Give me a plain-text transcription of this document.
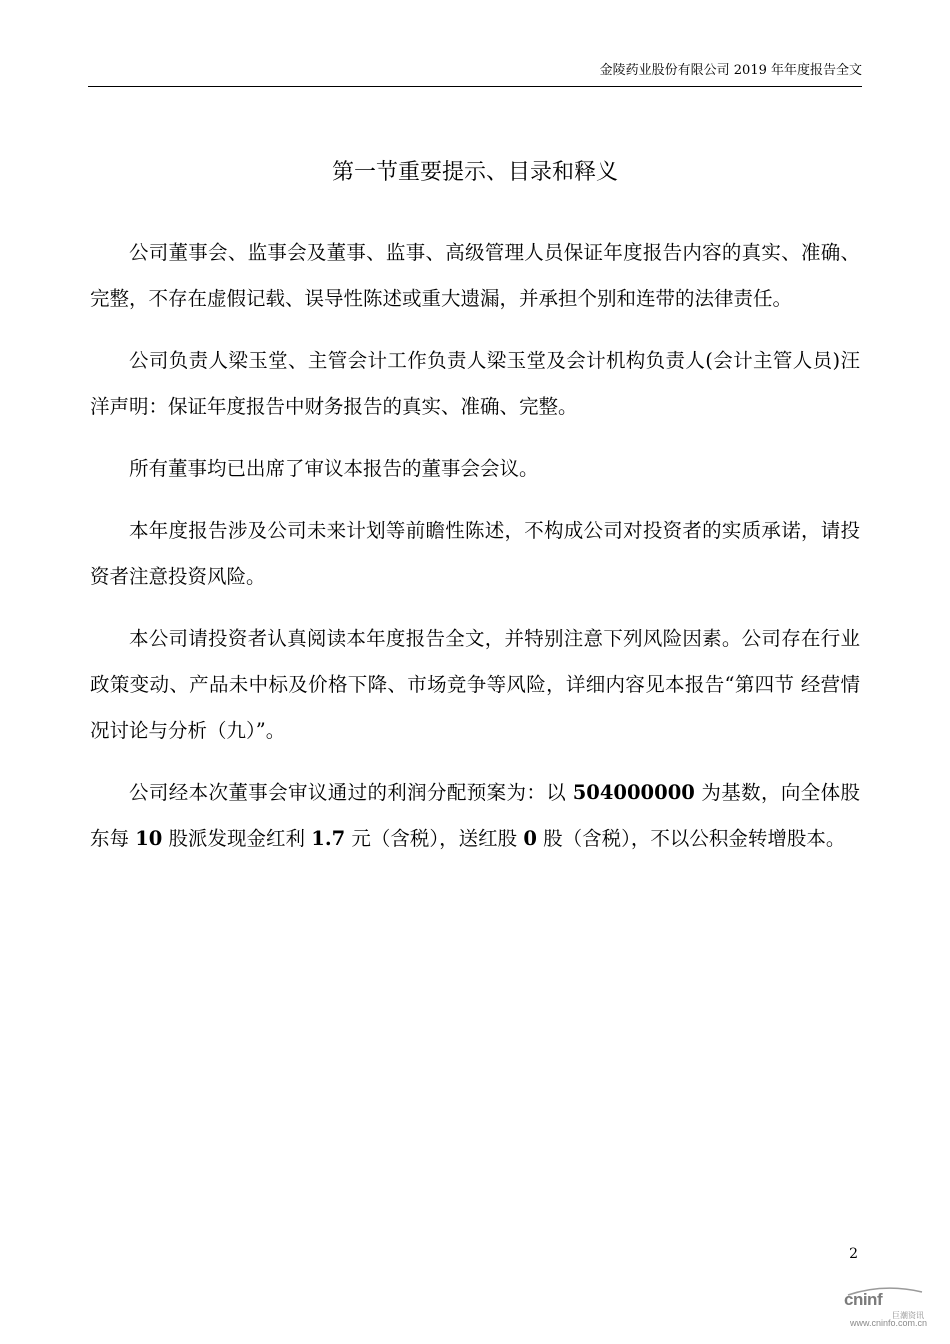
金陵药业股份有限公司 2019 年年度报告全文
第一节重要提示、目录和释义

公司董事会、监事会及董事、监事、高级管理人员保证年度报告内容的真实、准确、完整，不存在虚假记载、误导性陈述或重大遗漏，并承担个别和连带的法律责任。

公司负责人梁玉堂、主管会计工作负责人梁玉堂及会计机构负责人(会计主管人员)汪洋声明：保证年度报告中财务报告的真实、准确、完整。

所有董事均已出席了审议本报告的董事会会议。

本年度报告涉及公司未来计划等前瞻性陈述，不构成公司对投资者的实质承诺，请投资者注意投资风险。

本公司请投资者认真阅读本年度报告全文，并特别注意下列风险因素。公司存在行业政策变动、产品未中标及价格下降、市场竞争等风险，详细内容见本报告“第四节 经营情况讨论与分析（九）”。

公司经本次董事会审议通过的利润分配预案为：以 504000000 为基数，向全体股东每 10 股派发现金红利 1.7 元（含税），送红股 0 股（含税），不以公积金转增股本。

2
cninf
巨潮资讯
www.cninfo.com.cn
